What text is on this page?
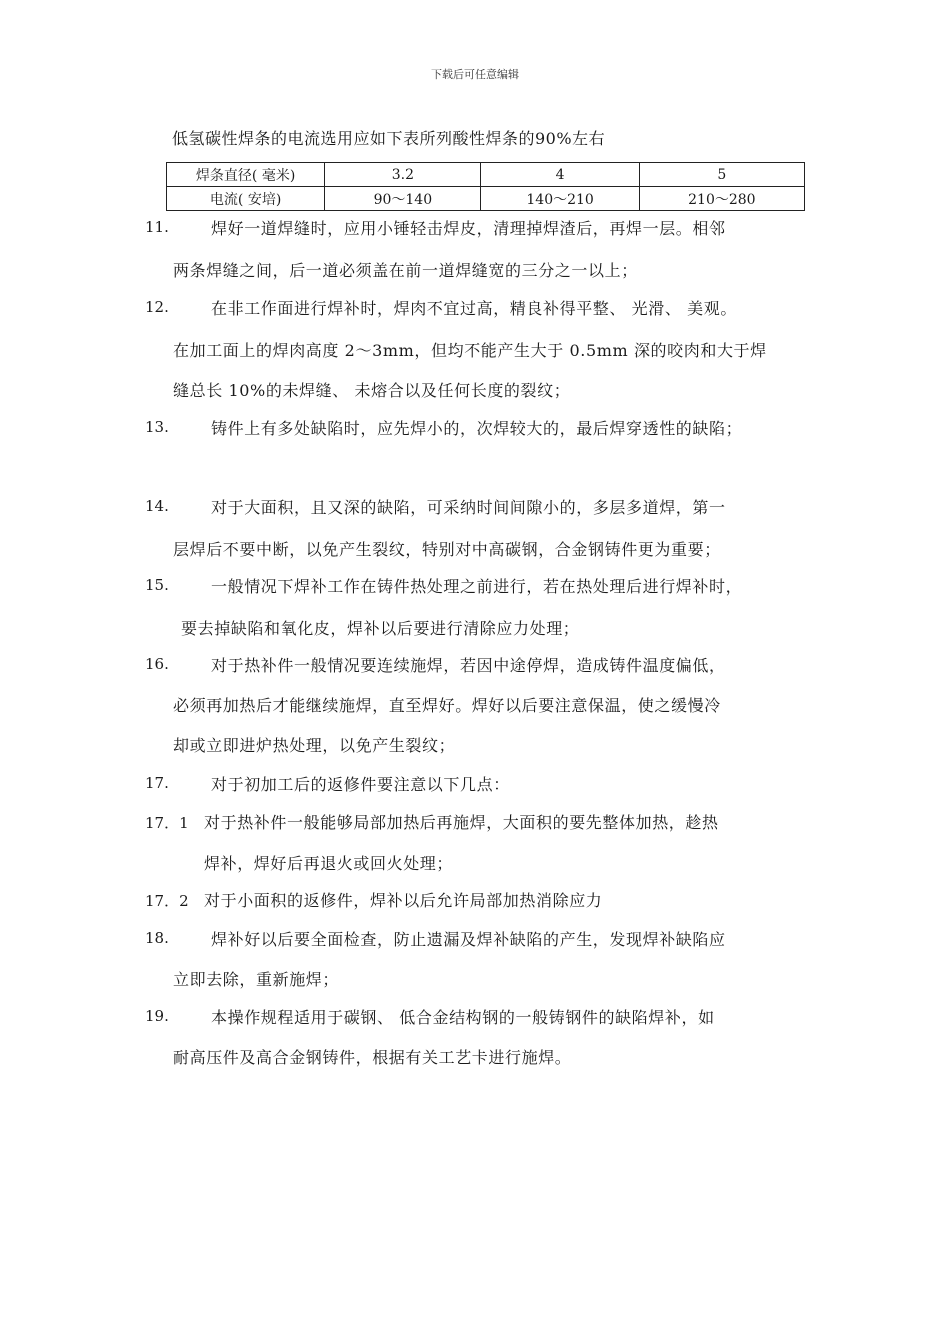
下载后可任意编辑
低氢碳性焊条的电流选用应如下表所列酸性焊条的90%左右
焊条直径( 毫米)	3.2	4	5
电流( 安培)	90～140	140～210	210～280
11.	焊好一道焊缝时，应用小锤轻击焊皮，清理掉焊渣后，再焊一层。相邻
两条焊缝之间，后一道必须盖在前一道焊缝宽的三分之一以上；
12.	在非工作面进行焊补时，焊肉不宜过高，精良补得平整、 光滑、 美观。
在加工面上的焊肉高度 2～3mm，但均不能产生大于 0.5mm 深的咬肉和大于焊
缝总长 10%的未焊缝、 未熔合以及任何长度的裂纹；
13.	铸件上有多处缺陷时，应先焊小的，次焊较大的，最后焊穿透性的缺陷；
14.	对于大面积，且又深的缺陷，可采纳时间间隙小的，多层多道焊，第一
层焊后不要中断，以免产生裂纹，特别对中高碳钢，合金钢铸件更为重要；
15.	一般情况下焊补工作在铸件热处理之前进行，若在热处理后进行焊补时，
要去掉缺陷和氧化皮，焊补以后要进行清除应力处理；
16.	对于热补件一般情况要连续施焊，若因中途停焊，造成铸件温度偏低，
必须再加热后才能继续施焊，直至焊好。焊好以后要注意保温，使之缓慢冷
却或立即进炉热处理，以免产生裂纹；
17.	对于初加工后的返修件要注意以下几点：
17．1 对于热补件一般能够局部加热后再施焊，大面积的要先整体加热，趁热
焊补，焊好后再退火或回火处理；
17．2 对于小面积的返修件，焊补以后允许局部加热消除应力
18.	焊补好以后要全面检查，防止遗漏及焊补缺陷的产生，发现焊补缺陷应
立即去除，重新施焊；
19.	本操作规程适用于碳钢、 低合金结构钢的一般铸钢件的缺陷焊补，如
耐高压件及高合金钢铸件，根据有关工艺卡进行施焊。
